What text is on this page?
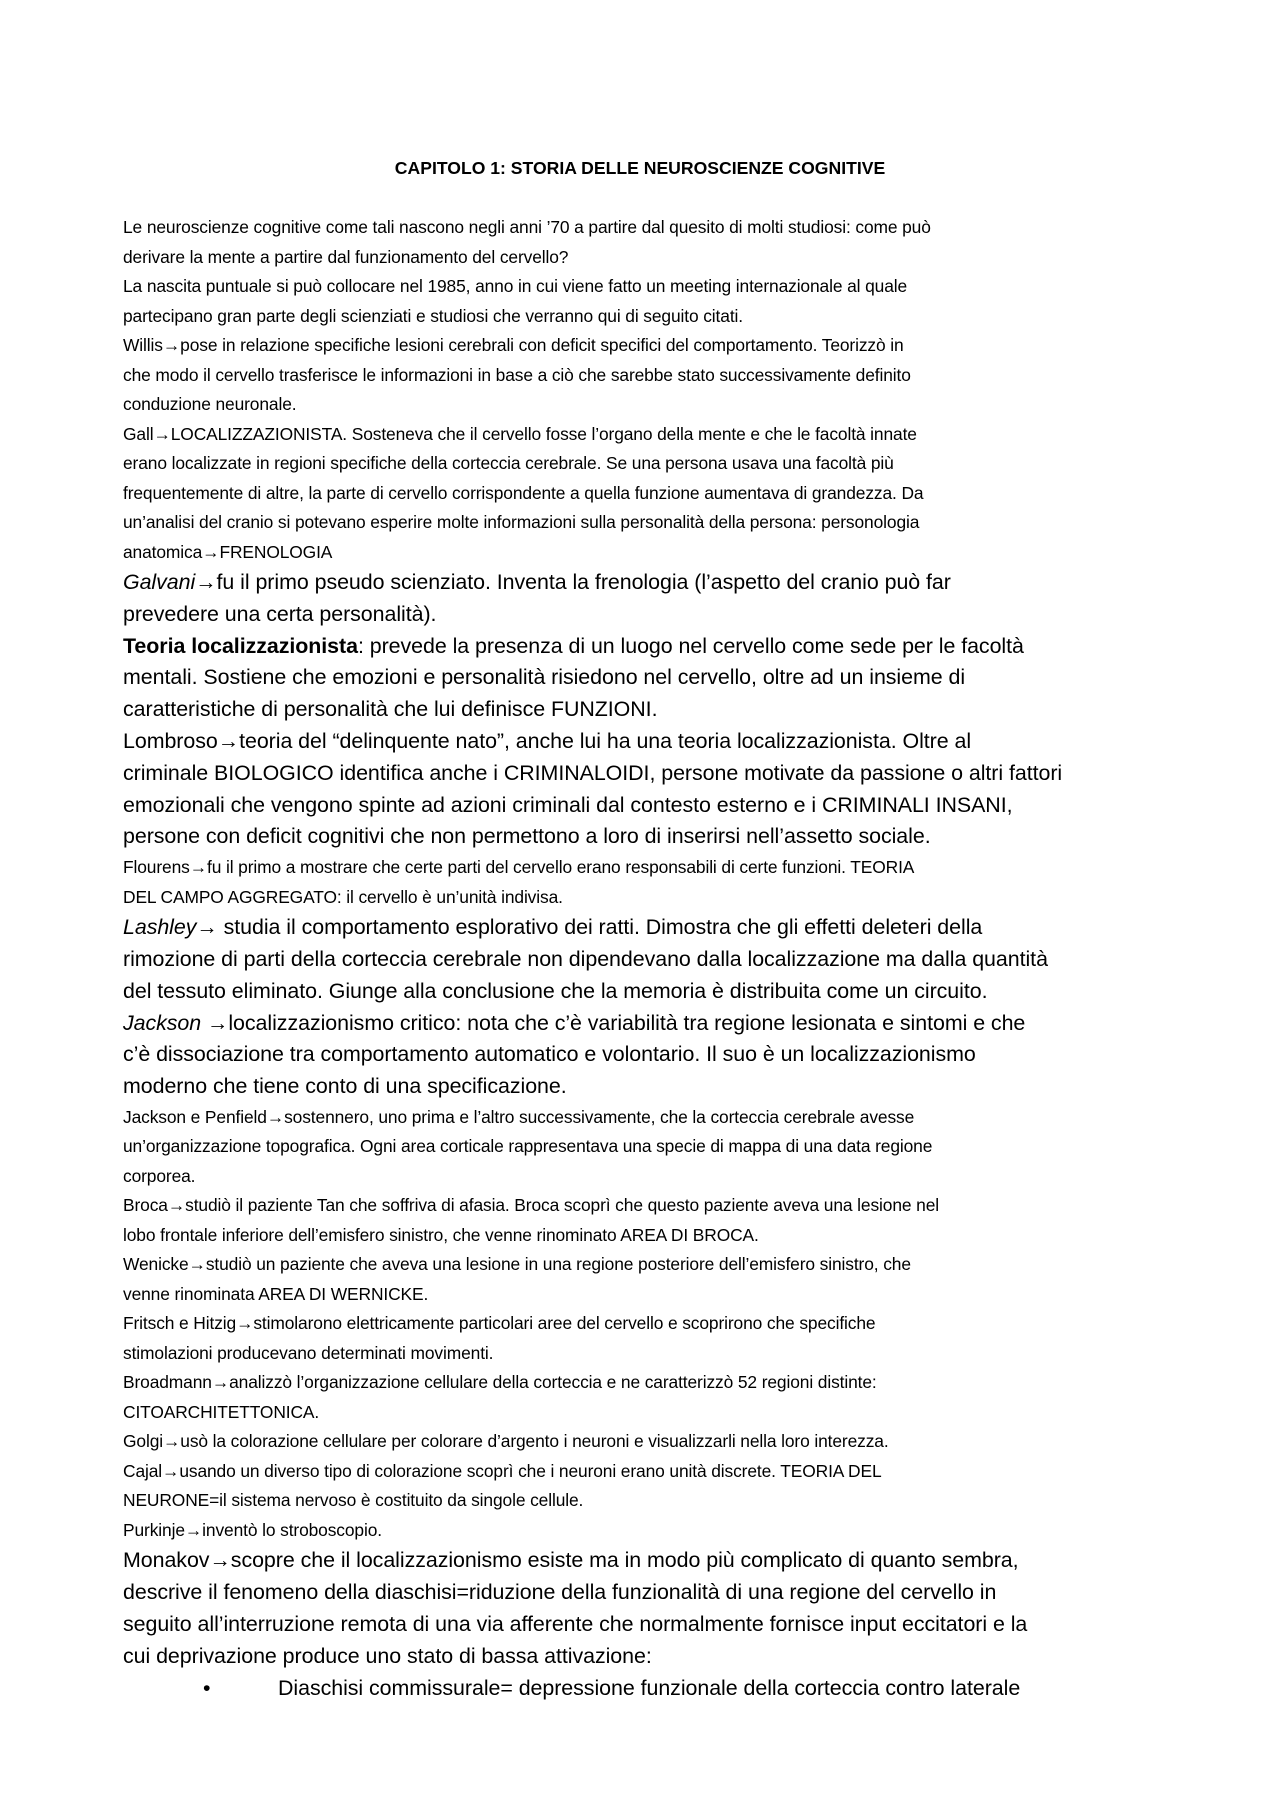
CAPITOLO 1: STORIA DELLE NEUROSCIENZE COGNITIVE

Le neuroscienze cognitive come tali nascono negli anni ’70 a partire dal quesito di molti studiosi: come può
derivare la mente a partire dal funzionamento del cervello?

La nascita puntuale si può collocare nel 1985, anno in cui viene fatto un meeting internazionale al quale
partecipano gran parte degli scienziati e studiosi che verranno qui di seguito citati.

Willis→pose in relazione specifiche lesioni cerebrali con deficit specifici del comportamento. Teorizzò in
che modo il cervello trasferisce le informazioni in base a ciò che sarebbe stato successivamente definito
conduzione neuronale.

Gall→LOCALIZZAZIONISTA. Sosteneva che il cervello fosse l’organo della mente e che le facoltà innate
erano localizzate in regioni specifiche della corteccia cerebrale. Se una persona usava una facoltà più
frequentemente di altre, la parte di cervello corrispondente a quella funzione aumentava di grandezza. Da
un’analisi del cranio si potevano esperire molte informazioni sulla personalità della persona: personologia
anatomica→FRENOLOGIA

Galvani→fu il primo pseudo scienziato. Inventa la frenologia (l’aspetto del cranio può far
prevedere una certa personalità).

Teoria localizzazionista: prevede la presenza di un luogo nel cervello come sede per le facoltà
mentali. Sostiene che emozioni e personalità risiedono nel cervello, oltre ad un insieme di
caratteristiche di personalità che lui definisce FUNZIONI.

Lombroso→teoria del “delinquente nato”, anche lui ha una teoria localizzazionista. Oltre al
criminale BIOLOGICO identifica anche i CRIMINALOIDI, persone motivate da passione o altri fattori
emozionali che vengono spinte ad azioni criminali dal contesto esterno e i CRIMINALI INSANI,
persone con deficit cognitivi che non permettono a loro di inserirsi nell’assetto sociale.

Flourens→fu il primo a mostrare che certe parti del cervello erano responsabili di certe funzioni. TEORIA
DEL CAMPO AGGREGATO: il cervello è un’unità indivisa.

Lashley→ studia il comportamento esplorativo dei ratti. Dimostra che gli effetti deleteri della
rimozione di parti della corteccia cerebrale non dipendevano dalla localizzazione ma dalla quantità
del tessuto eliminato. Giunge alla conclusione che la memoria è distribuita come un circuito.

Jackson →localizzazionismo critico: nota che c’è variabilità tra regione lesionata e sintomi e che
c’è dissociazione tra comportamento automatico e volontario. Il suo è un localizzazionismo
moderno che tiene conto di una specificazione.

Jackson e Penfield→sostennero, uno prima e l’altro successivamente, che la corteccia cerebrale avesse
un’organizzazione topografica. Ogni area corticale rappresentava una specie di mappa di una data regione
corporea.

Broca→studiò il paziente Tan che soffriva di afasia. Broca scoprì che questo paziente aveva una lesione nel
lobo frontale inferiore dell’emisfero sinistro, che venne rinominato AREA DI BROCA.

Wenicke→studiò un paziente che aveva una lesione in una regione posteriore dell’emisfero sinistro, che
venne rinominata AREA DI WERNICKE.

Fritsch e Hitzig→stimolarono elettricamente particolari aree del cervello e scoprirono che specifiche
stimolazioni producevano determinati movimenti.

Broadmann→analizzò l’organizzazione cellulare della corteccia e ne caratterizzò 52 regioni distinte:
CITOARCHITETTONICA.

Golgi→usò la colorazione cellulare per colorare d’argento i neuroni e visualizzarli nella loro interezza.

Cajal→usando un diverso tipo di colorazione scoprì che i neuroni erano unità discrete. TEORIA DEL
NEURONE=il sistema nervoso è costituito da singole cellule.

Purkinje→inventò lo stroboscopio.

Monakov→scopre che il localizzazionismo esiste ma in modo più complicato di quanto sembra,
descrive il fenomeno della diaschisi=riduzione della funzionalità di una regione del cervello in
seguito all’interruzione remota di una via afferente che normalmente fornisce input eccitatori e la
cui deprivazione produce uno stato di bassa attivazione:

•	Diaschisi commissurale= depressione funzionale della corteccia contro laterale
